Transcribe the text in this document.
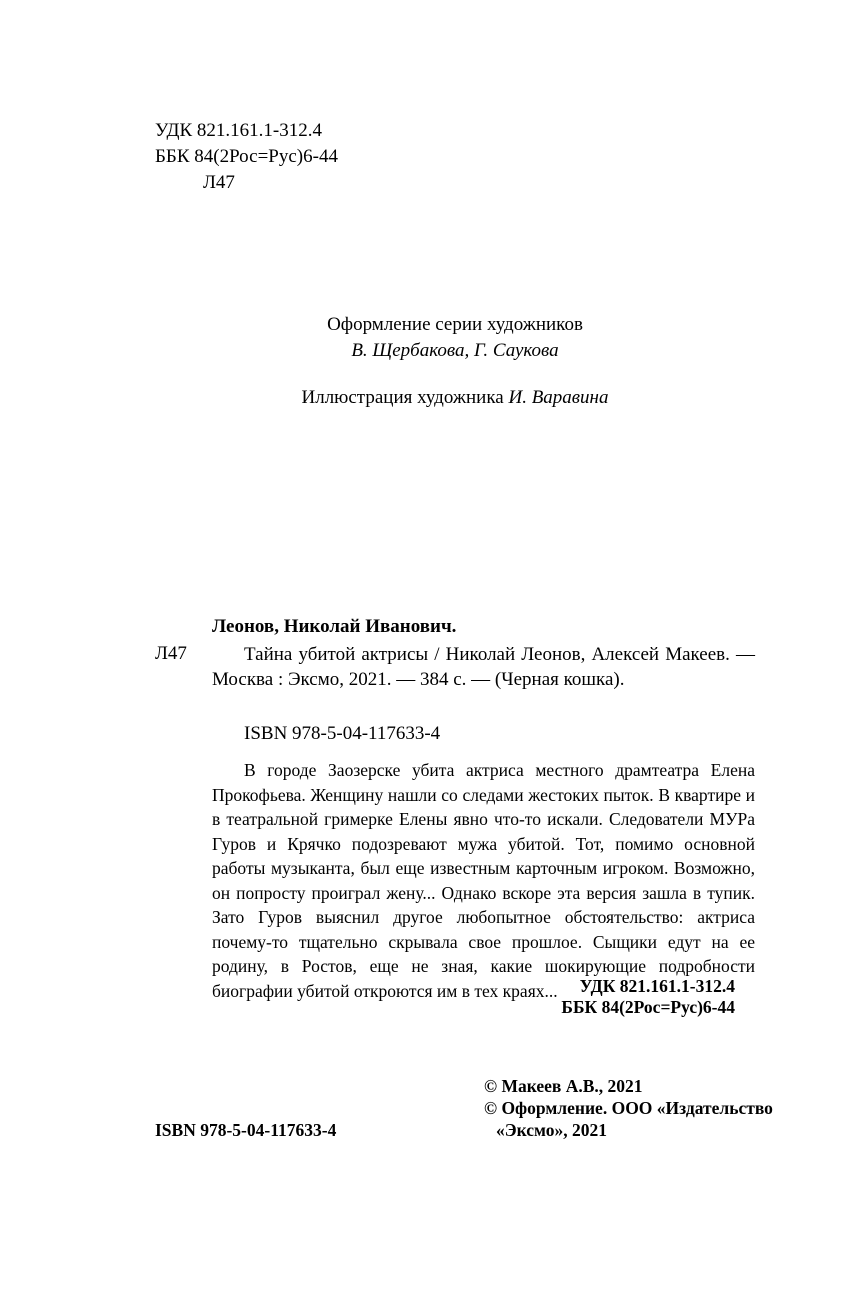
УДК 821.161.1-312.4
ББК 84(2Рос=Рус)6-44
Л47
Оформление серии художников
В. Щербакова, Г. Саукова
Иллюстрация художника И. Варавина
Леонов, Николай Иванович.
Л47	Тайна убитой актрисы / Николай Леонов, Алексей Макеев. — Москва : Эксмо, 2021. — 384 с. — (Черная кошка).
ISBN 978-5-04-117633-4
В городе Заозерске убита актриса местного драмтеатра Елена Прокофьева. Женщину нашли со следами жестоких пыток. В квартире и в театральной гримерке Елены явно что-то искали. Следователи МУРа Гуров и Крячко подозревают мужа убитой. Тот, помимо основной работы музыканта, был еще известным карточным игроком. Возможно, он попросту проиграл жену... Однако вскоре эта версия зашла в тупик. Зато Гуров выяснил другое любопытное обстоятельство: актриса почему-то тщательно скрывала свое прошлое. Сыщики едут на ее родину, в Ростов, еще не зная, какие шокирующие подробности биографии убитой откроются им в тех краях...	УДК 821.161.1-312.4
ББК 84(2Рос=Рус)6-44
© Макеев А.В., 2021
© Оформление. ООО «Издательство
«Эксмо», 2021
ISBN 978-5-04-117633-4
